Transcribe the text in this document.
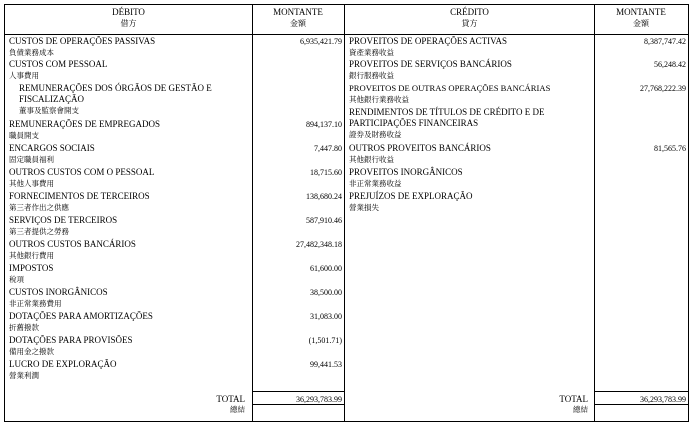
DÉBITO
借方
MONTANTE
金額
CUSTOS DE OPERAÇÕES PASSIVAS
負債業務成本
6,935,421.79
CUSTOS COM PESSOAL
人事費用
REMUNERAÇÕES DOS ÓRGÃOS DE GESTÃO E
FISCALIZAÇÃO
董事及監察會開支
REMUNERAÇÕES DE EMPREGADOS
職員開支
894,137.10
ENCARGOS SOCIAIS
固定職員福利
7,447.80
OUTROS CUSTOS COM O PESSOAL
其他人事費用
18,715.60
FORNECIMENTOS DE TERCEIROS
第三者作出之供應
138,680.24
SERVIÇOS DE TERCEIROS
第三者提供之勞務
587,910.46
OUTROS CUSTOS BANCÁRIOS
其他銀行費用
27,482,348.18
IMPOSTOS
稅項
61,600.00
CUSTOS INORGÂNICOS
非正常業務費用
38,500.00
DOTAÇÕES PARA AMORTIZAÇÕES
折舊撥款
31,083.00
DOTAÇÕES PARA PROVISÕES
備用金之撥款
(1,501.71)
LUCRO DE EXPLORAÇÃO
營業利潤
99,441.53
TOTAL
總結
36,293,783.99
CRÉDITO
貸方
MONTANTE
金額
PROVEITOS DE OPERAÇÕES ACTIVAS
資產業務收益
8,387,747.42
PROVEITOS DE SERVIÇOS BANCÁRIOS
銀行服務收益
56,248.42
PROVEITOS DE OUTRAS OPERAÇÕES BANCÁRIAS
其他銀行業務收益
27,768,222.39
RENDIMENTOS DE TÍTULOS DE CRÉDITO E DE
PARTICIPAÇÕES FINANCEIRAS
證券及財務收益
OUTROS PROVEITOS BANCÁRIOS
其他銀行收益
81,565.76
PROVEITOS INORGÂNICOS
非正常業務收益
PREJUÍZOS DE EXPLORAÇÃO
營業損失
TOTAL
總結
36,293,783.99
